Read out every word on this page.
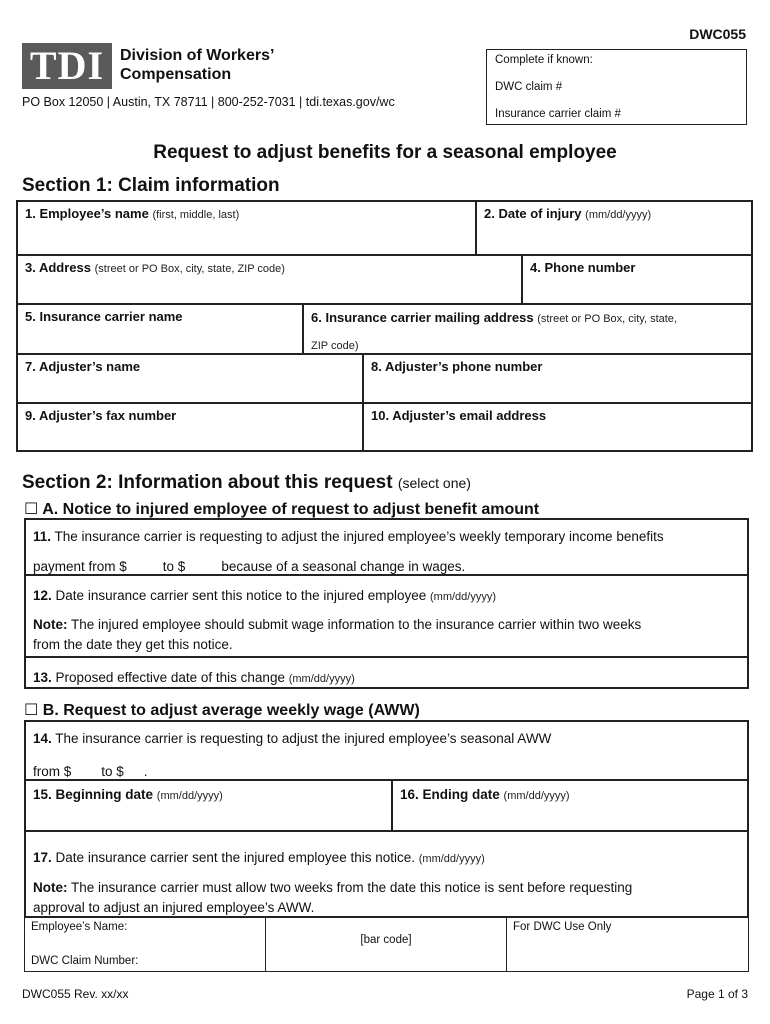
DWC055
TDI Division of Workers’
Compensation
PO Box 12050 | Austin, TX 78711 | 800-252-7031 | tdi.texas.gov/wc
Complete if known:
DWC claim #
Insurance carrier claim #
Request to adjust benefits for a seasonal employee
Section 1: Claim information
1. Employee’s name (first, middle, last)	2. Date of injury (mm/dd/yyyy)
3. Address (street or PO Box, city, state, ZIP code)	4. Phone number
5. Insurance carrier name	6. Insurance carrier mailing address (street or PO Box, city, state,
ZIP code)
7. Adjuster’s name	8. Adjuster’s phone number
9. Adjuster’s fax number	10. Adjuster’s email address
Section 2: Information about this request (select one)
☐ A. Notice to injured employee of request to adjust benefit amount
11. The insurance carrier is requesting to adjust the injured employee’s weekly temporary income benefits
payment from $	to $	because of a seasonal change in wages.
12. Date insurance carrier sent this notice to the injured employee (mm/dd/yyyy)
Note: The injured employee should submit wage information to the insurance carrier within two weeks
from the date they get this notice.
13. Proposed effective date of this change (mm/dd/yyyy)
☐ B. Request to adjust average weekly wage (AWW)
14. The insurance carrier is requesting to adjust the injured employee’s seasonal AWW
from $ to $ .
15. Beginning date (mm/dd/yyyy)	16. Ending date (mm/dd/yyyy)
17. Date insurance carrier sent the injured employee this notice. (mm/dd/yyyy)
Note: The insurance carrier must allow two weeks from the date this notice is sent before requesting
approval to adjust an injured employee’s AWW.
Employee’s Name:
DWC Claim Number:
[bar code]
For DWC Use Only
DWC055 Rev. xx/xx	Page 1 of 3
